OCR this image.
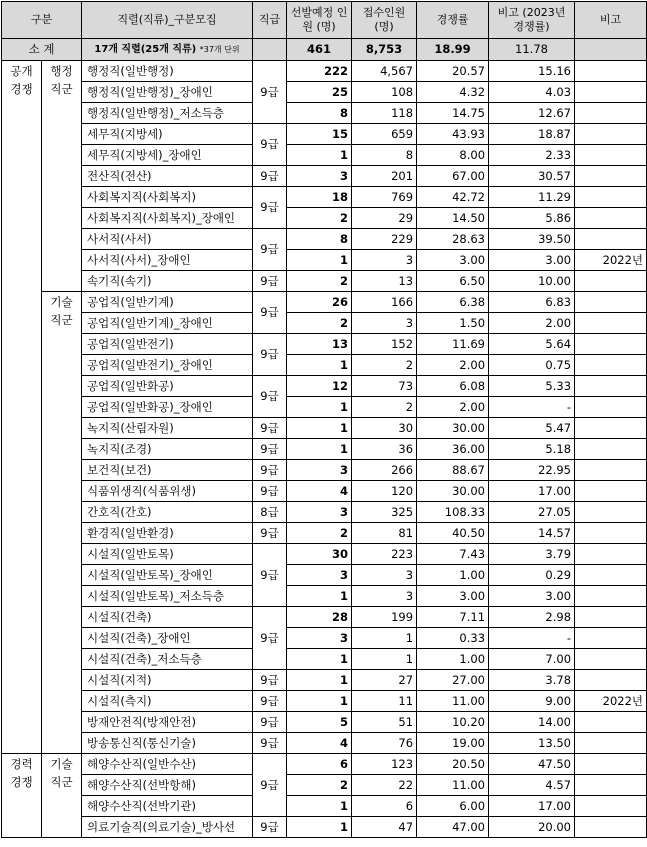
구분		직렬(직류)_구분모집	직급	선발예정 인원 (명)	접수인원 (명)	경쟁률	비고 (2023년 경쟁률)	비고
소 계		17개 직렬(25개 직류) *37개 단위		461	8,753	18.99	11.78	
공개 경쟁	행정 직군	행정직(일반행정)	9급	222	4,567	20.57	15.16	
		행정직(일반행정)_장애인		25	108	4.32	4.03	
		행정직(일반행정)_저소득층		8	118	14.75	12.67	
		세무직(지방세)	9급	15	659	43.93	18.87	
		세무직(지방세)_장애인		1	8	8.00	2.33	
		전산직(전산)	9급	3	201	67.00	30.57	
		사회복지직(사회복지)	9급	18	769	42.72	11.29	
		사회복지직(사회복지)_장애인		2	29	14.50	5.86	
		사서직(사서)	9급	8	229	28.63	39.50	
		사서직(사서)_장애인		1	3	3.00	3.00	2022년
		속기직(속기)	9급	2	13	6.50	10.00	
	기술 직군	공업직(일반기계)	9급	26	166	6.38	6.83	
		공업직(일반기계)_장애인		2	3	1.50	2.00	
		공업직(일반전기)	9급	13	152	11.69	5.64	
		공업직(일반전기)_장애인		1	2	2.00	0.75	
		공업직(일반화공)	9급	12	73	6.08	5.33	
		공업직(일반화공)_장애인		1	2	2.00	-	
		녹지직(산림자원)	9급	1	30	30.00	5.47	
		녹지직(조경)	9급	1	36	36.00	5.18	
		보건직(보건)	9급	3	266	88.67	22.95	
		식품위생직(식품위생)	9급	4	120	30.00	17.00	
		간호직(간호)	8급	3	325	108.33	27.05	
		환경직(일반환경)	9급	2	81	40.50	14.57	
		시설직(일반토목)	9급	30	223	7.43	3.79	
		시설직(일반토목)_장애인		3	3	1.00	0.29	
		시설직(일반토목)_저소득층		1	3	3.00	3.00	
		시설직(건축)	9급	28	199	7.11	2.98	
		시설직(건축)_장애인		3	1	0.33	-	
		시설직(건축)_저소득층		1	1	1.00	7.00	
		시설직(지적)	9급	1	27	27.00	3.78	
		시설직(측지)	9급	1	11	11.00	9.00	2022년
		방재안전직(방재안전)	9급	5	51	10.20	14.00	
		방송통신직(통신기술)	9급	4	76	19.00	13.50	
경력 경쟁	기술 직군	해양수산직(일반수산)	9급	6	123	20.50	47.50	
		해양수산직(선박항해)		2	22	11.00	4.57	
		해양수산직(선박기관)		1	6	6.00	17.00	
		의료기술직(의료기술)_방사선	9급	1	47	47.00	20.00	
